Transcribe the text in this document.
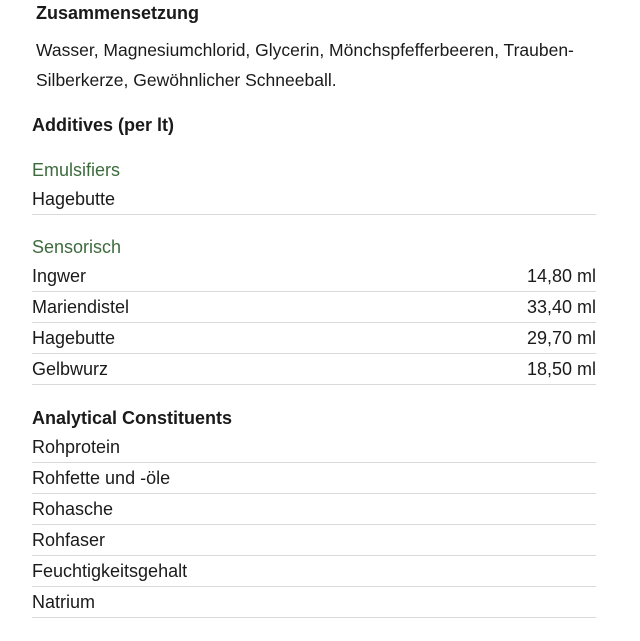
Zusammensetzung
Wasser, Magnesiumchlorid, Glycerin, Mönchspfefferbeeren, Trauben-Silberkerze, Gewöhnlicher Schneeball.
Additives (per lt)
Emulsifiers
Hagebutte
Sensorisch
Ingwer	14,80 ml
Mariendistel	33,40 ml
Hagebutte	29,70 ml
Gelbwurz	18,50 ml
Analytical Constituents
Rohprotein
Rohfette und -öle
Rohasche
Rohfaser
Feuchtigkeitsgehalt
Natrium
